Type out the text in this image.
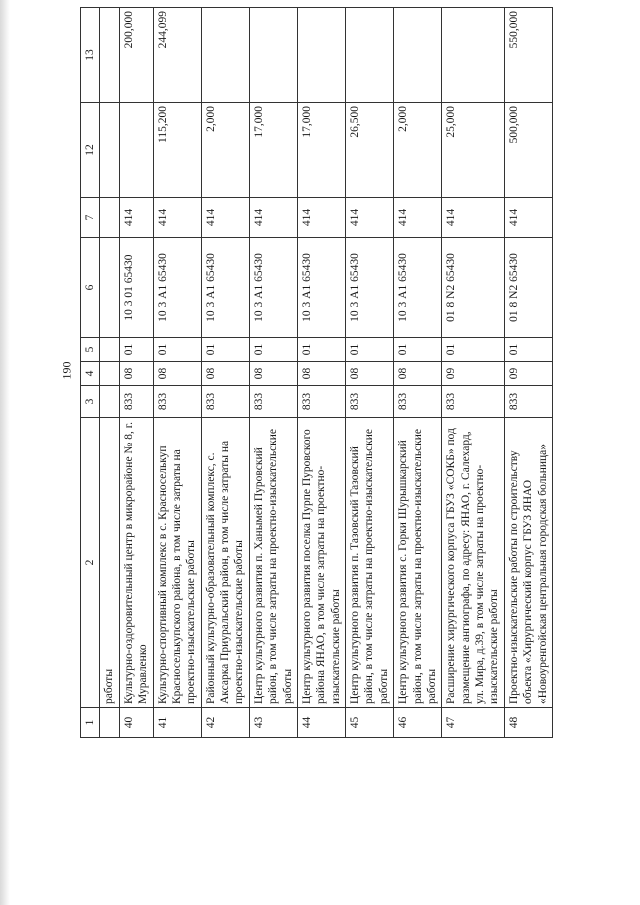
190
1	2	3	4	5	6	7	12	13
	работы							
40	Культурно-оздоровительный центр в микрорайоне № 8, г. Муравленко	833	08	01	10 3 01 65430	414		200,000
41	Культурно-спортивный комплекс в с. Красноселькуп Красноселькупского района, в том числе затраты на проектно-изыскательские работы	833	08	01	10 3 А1 65430	414	115,200	244,099
42	Районный культурно-образовательный комплекс, с. Аксарка Приуральский район, в том числе затраты на проектно-изыскательские работы	833	08	01	10 3 А1 65430	414	2,000	
43	Центр культурного развития п. Ханымей Пуровский район, в том числе затраты на проектно-изыскательские работы	833	08	01	10 3 А1 65430	414	17,000	
44	Центр культурного развития поселка Пурпе Пуровского района ЯНАО, в том числе затраты на проектно-изыскательские работы	833	08	01	10 3 А1 65430	414	17,000	
45	Центр культурного развития п. Тазовский Тазовский район, в том числе затраты на проектно-изыскательские работы	833	08	01	10 3 А1 65430	414	26,500	
46	Центр культурного развития с. Горки Шурышкарский район, в том числе затраты на проектно-изыскательские работы	833	08	01	10 3 А1 65430	414	2,000	
47	Расширение хирургического корпуса ГБУЗ «СОКБ» под размещение ангиографа, по адресу: ЯНАО, г. Салехард, ул. Мира, д.39, в том числе затраты на проектно-изыскательские работы	833	09	01	01 8 N2 65430	414	25,000	
48	Проектно-изыскательские работы по строительству объекта «Хирургический корпус ГБУЗ ЯНАО «Новоуренгойская центральная городская больница»	833	09	01	01 8 N2 65430	414	500,000	550,000
